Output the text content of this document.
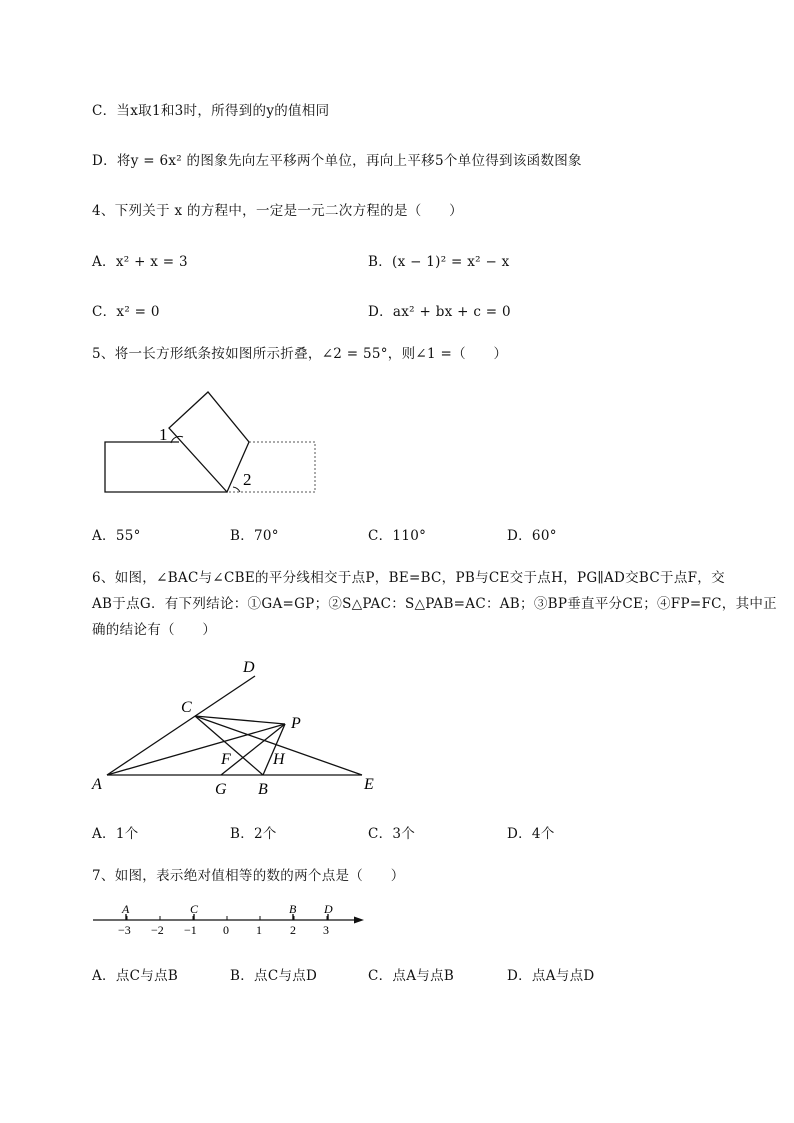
C．当x取1和3时，所得到的y的值相同
D．将y = 6x² 的图象先向左平移两个单位，再向上平移5个单位得到该函数图象
4、下列关于 x 的方程中，一定是一元二次方程的是（　　）
A．x² + x = 3	B．(x − 1)² = x² − x
C．x² = 0	D．ax² + bx + c = 0
5、将一长方形纸条按如图所示折叠，∠2 = 55°，则∠1 =（　　）
1
2
A．55°	B．70°	C．110°	D．60°
6、如图，∠BAC与∠CBE的平分线相交于点P，BE=BC，PB与CE交于点H，PG∥AD交BC于点F，交
AB于点G．有下列结论：①GA=GP；②S△PAC：S△PAB=AC：AB；③BP垂直平分CE；④FP=FC，其中正
确的结论有（　　）
D
C
P
F	H
A	G B	E
A．1个	B．2个	C．3个	D．4个
7、如图，表示绝对值相等的数的两个点是（　　）
−3 −2 −1 0 1 2 3
A	C	B D
A．点C与点B	B．点C与点D	C．点A与点B	D．点A与点D
